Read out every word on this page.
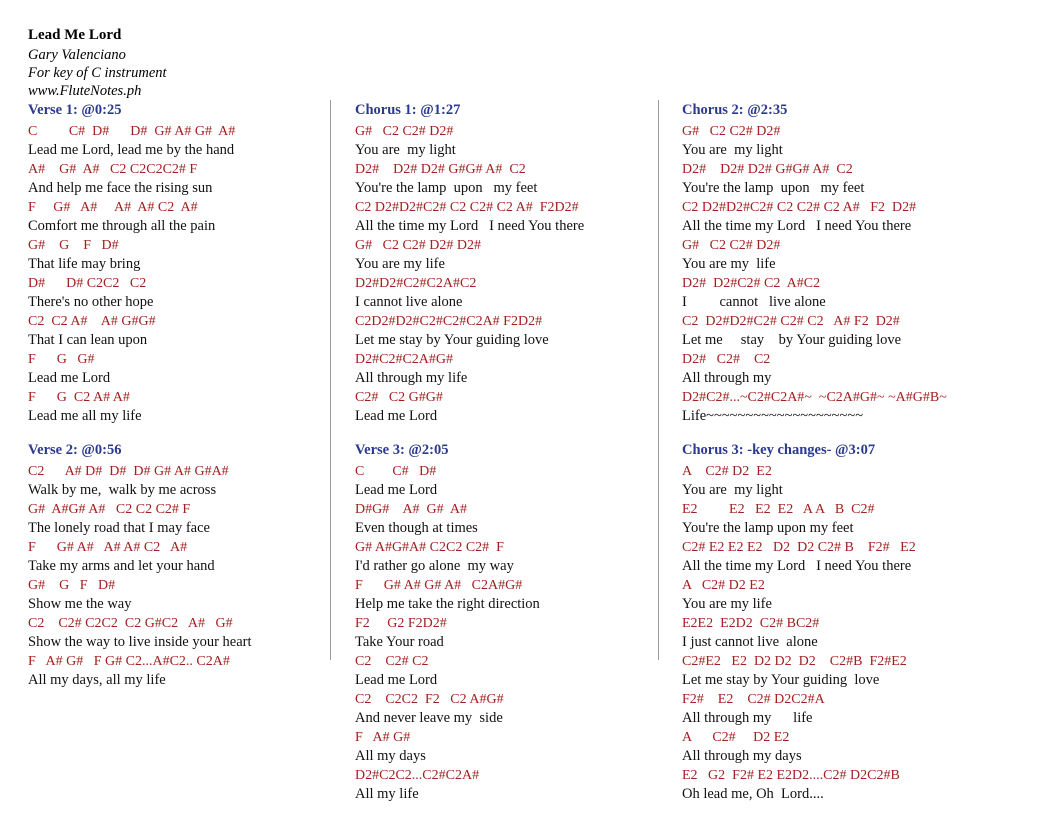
Lead Me Lord
Gary Valenciano
For key of C instrument
www.FluteNotes.ph
Verse 1: @0:25
C         C#  D#      D#  G# A# G#  A#
Lead me Lord, lead me by the hand
A#    G#  A#   C2 C2C2C2# F
And help me face the rising sun
F     G#   A#     A#  A# C2  A#
Comfort me through all the pain
G#    G    F   D#
That life may bring
D#      D# C2C2   C2
There's no other hope
C2  C2 A#    A# G#G#
That I can lean upon
F      G   G#
Lead me Lord
F      G  C2 A# A#
Lead me all my life
Verse 2: @0:56
C2      A# D#  D#  D# G# A# G#A#
Walk by me,  walk by me across
G#  A#G# A#   C2 C2 C2# F
The lonely road that I may face
F      G# A#   A# A# C2   A#
Take my arms and let your hand
G#    G   F   D#
Show me the way
C2    C2# C2C2  C2 G#C2   A#   G#
Show the way to live inside your heart
F   A# G#   F G# C2...A#C2.. C2A#
All my days, all my life
Chorus 1: @1:27
G#   C2 C2# D2#
You are  my light
D2#    D2# D2# G#G# A#  C2
You're the lamp  upon   my feet
C2 D2#D2#C2# C2 C2# C2 A#  F2D2#
All the time my Lord   I need You there
G#   C2 C2# D2# D2#
You are my life
D2#D2#C2#C2A#C2
I cannot live alone
C2D2#D2#C2#C2#C2A# F2D2#
Let me stay by Your guiding love
D2#C2#C2A#G#
All through my life
C2#   C2 G#G#
Lead me Lord
Verse 3: @2:05
C        C#   D#
Lead me Lord
D#G#    A#  G#  A#
Even though at times
G# A#G#A# C2C2 C2#  F
I'd rather go alone  my way
F      G# A# G# A#   C2A#G#
Help me take the right direction
F2     G2 F2D2#
Take Your road
C2    C2# C2
Lead me Lord
C2    C2C2  F2   C2 A#G#
And never leave my  side
F   A# G#
All my days
D2#C2C2...C2#C2A#
All my life
Chorus 2: @2:35
G#   C2 C2# D2#
You are  my light
D2#    D2# D2# G#G# A#  C2
You're the lamp  upon   my feet
C2 D2#D2#C2# C2 C2# C2 A#   F2  D2#
All the time my Lord   I need You there
G#   C2 C2# D2#
You are my  life
D2#  D2#C2# C2  A#C2
I         cannot   live alone
C2  D2#D2#C2# C2# C2   A# F2  D2#
Let me     stay    by Your guiding love
D2#   C2#    C2
All through my
D2#C2#...~C2#C2A#~  ~C2A#G#~ ~A#G#B~
Life~~~~~~~~~~~~~~~~~~~~
Chorus 3: -key changes- @3:07
A    C2# D2  E2
You are  my light
E2         E2   E2  E2   A A   B  C2#
You're the lamp upon my feet
C2# E2 E2 E2   D2  D2 C2# B    F2#   E2
All the time my Lord   I need You there
A   C2# D2 E2
You are my life
E2E2  E2D2  C2# BC2#
I just cannot live  alone
C2#E2   E2  D2 D2  D2    C2#B  F2#E2
Let me stay by Your guiding  love
F2#    E2    C2# D2C2#A
All through my      life
A      C2#     D2 E2
All through my days
E2   G2  F2# E2 E2D2....C2# D2C2#B
Oh lead me, Oh  Lord....
